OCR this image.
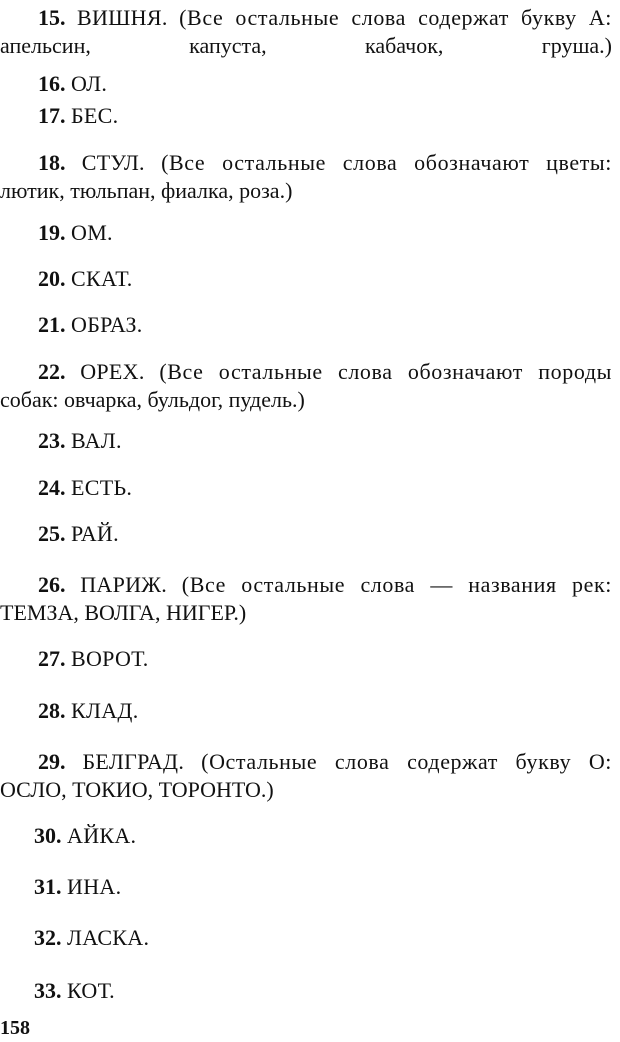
15. ВИШНЯ. (Все остальные слова содержат букву А:
апельсин, капуста, кабачок, груша.)
16. ОЛ.
17. БЕС.
18. СТУЛ. (Все остальные слова обозначают цветы:
лютик, тюльпан, фиалка, роза.)
19. ОМ.
20. СКАТ.
21. ОБРАЗ.
22. ОРЕХ. (Все остальные слова обозначают породы
собак: овчарка, бульдог, пудель.)
23. ВАЛ.
24. ЕСТЬ.
25. РАЙ.
26. ПАРИЖ. (Все остальные слова — названия рек:
ТЕМЗА, ВОЛГА, НИГЕР.)
27. ВОРОТ.
28. КЛАД.
29. БЕЛГРАД. (Остальные слова содержат букву О:
ОСЛО, ТОКИО, ТОРОНТО.)
30. АЙКА.
31. ИНА.
32. ЛАСКА.
33. КОТ.
158
